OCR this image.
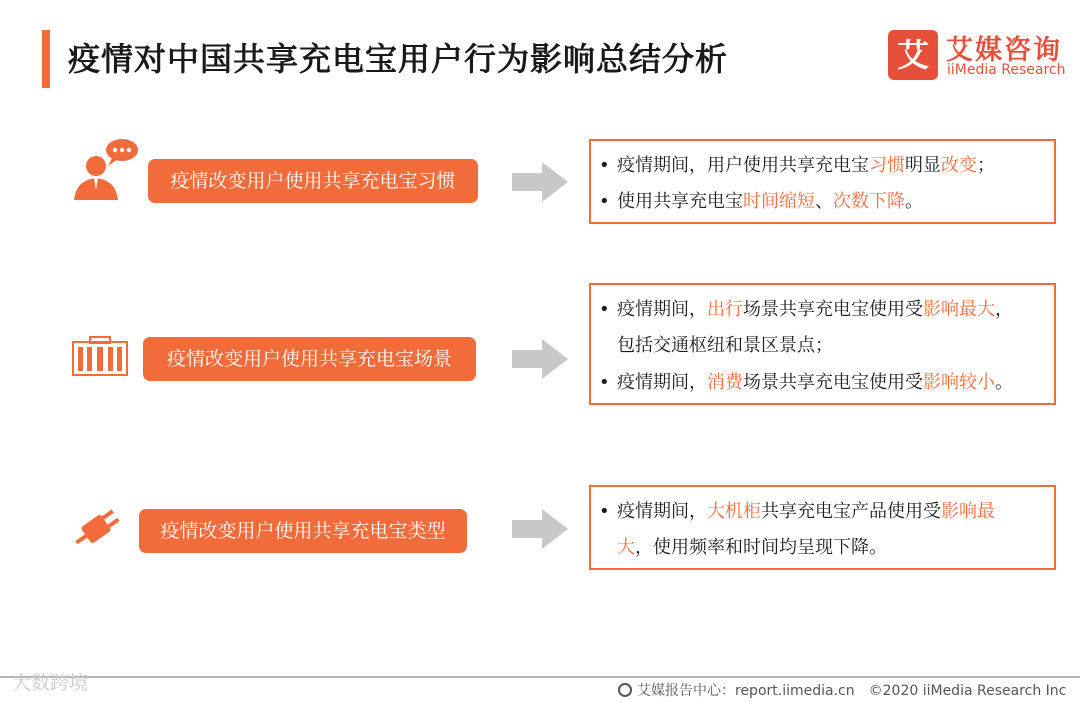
疫情对中国共享充电宝用户行为影响总结分析	艾 艾媒咨询
iiMedia Research
疫情改变用户使用共享充电宝习惯
• 疫情期间，用户使用共享充电宝习惯明显改变；
• 使用共享充电宝时间缩短、次数下降。
疫情改变用户使用共享充电宝场景
• 疫情期间，出行场景共享充电宝使用受影响最大，
包括交通枢纽和景区景点；
• 疫情期间，消费场景共享充电宝使用受影响较小。
疫情改变用户使用共享充电宝类型
• 疫情期间，大机柜共享充电宝产品使用受影响最
大，使用频率和时间均呈现下降。
大数跨境	艾媒报告中心：report.iimedia.cn ©2020 iiMedia Research Inc
